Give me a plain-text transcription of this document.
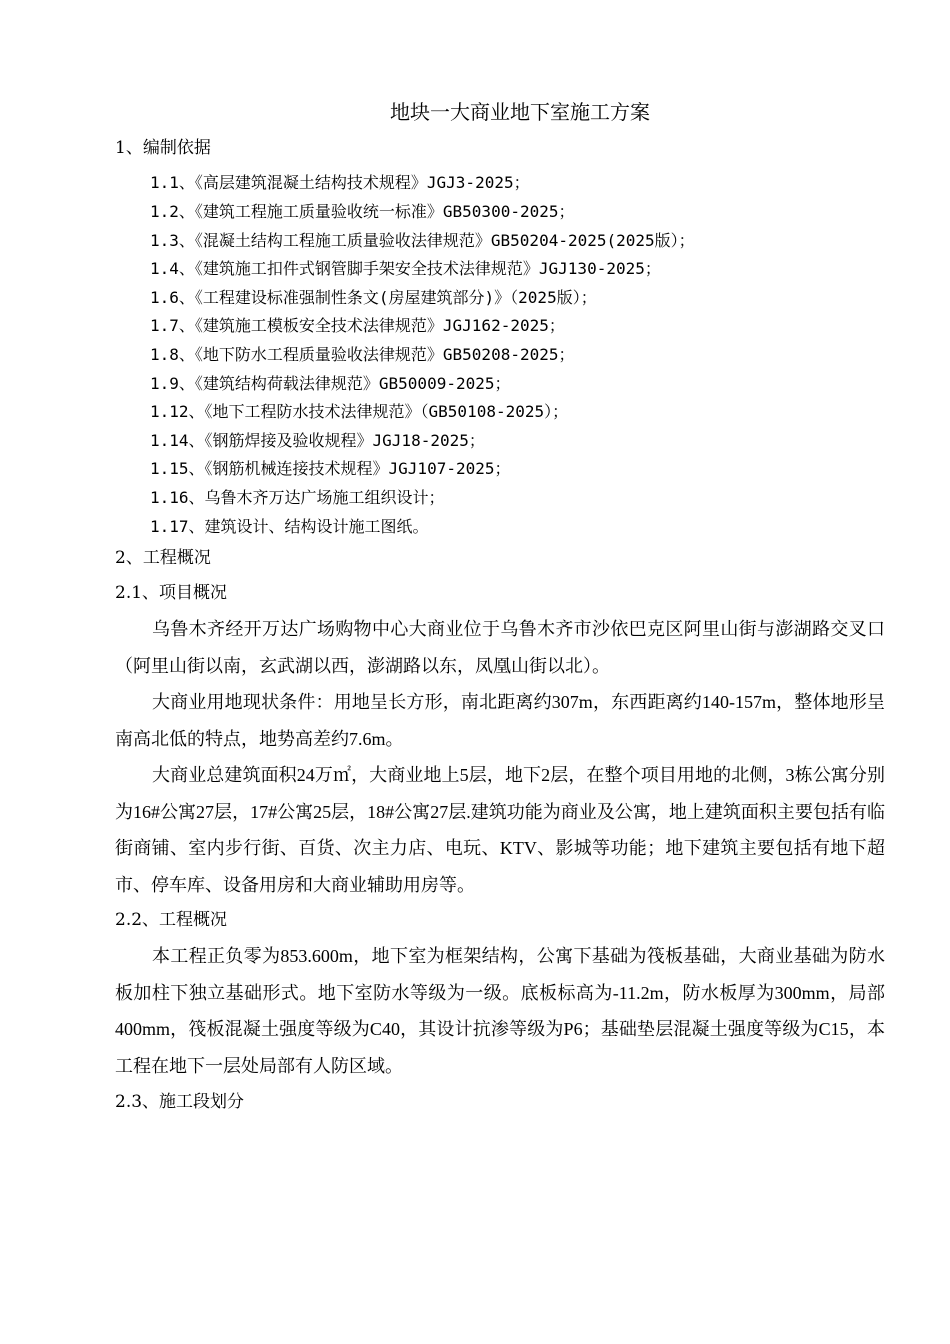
地块一大商业地下室施工方案
1、编制依据
1.1、《高层建筑混凝土结构技术规程》JGJ3-2025；
1.2、《建筑工程施工质量验收统一标准》GB50300-2025；
1.3、《混凝土结构工程施工质量验收法律规范》GB50204-2025(2025版）；
1.4、《建筑施工扣件式钢管脚手架安全技术法律规范》JGJ130-2025；
1.6、《工程建设标准强制性条文(房屋建筑部分)》（2025版）；
1.7、《建筑施工模板安全技术法律规范》JGJ162-2025；
1.8、《地下防水工程质量验收法律规范》GB50208-2025；
1.9、《建筑结构荷载法律规范》GB50009-2025；
1.12、《地下工程防水技术法律规范》（GB50108-2025）；
1.14、《钢筋焊接及验收规程》JGJ18-2025；
1.15、《钢筋机械连接技术规程》JGJ107-2025；
1.16、乌鲁木齐万达广场施工组织设计；
1.17、建筑设计、结构设计施工图纸。
2、工程概况
2.1、项目概况
乌鲁木齐经开万达广场购物中心大商业位于乌鲁木齐市沙依巴克区阿里山街与澎湖路交叉口（阿里山街以南，玄武湖以西，澎湖路以东，凤凰山街以北）。
大商业用地现状条件：用地呈长方形，南北距离约307m，东西距离约140-157m，整体地形呈南高北低的特点，地势高差约7.6m。
大商业总建筑面积24万㎡，大商业地上5层，地下2层，在整个项目用地的北侧，3栋公寓分别为16#公寓27层，17#公寓25层，18#公寓27层.建筑功能为商业及公寓，地上建筑面积主要包括有临街商铺、室内步行街、百货、次主力店、电玩、KTV、影城等功能；地下建筑主要包括有地下超市、停车库、设备用房和大商业辅助用房等。
2.2、工程概况
本工程正负零为853.600m，地下室为框架结构，公寓下基础为筏板基础，大商业基础为防水板加柱下独立基础形式。地下室防水等级为一级。底板标高为-11.2m，防水板厚为300mm，局部400mm，筏板混凝土强度等级为C40，其设计抗渗等级为P6；基础垫层混凝土强度等级为C15，本工程在地下一层处局部有人防区域。
2.3、施工段划分
